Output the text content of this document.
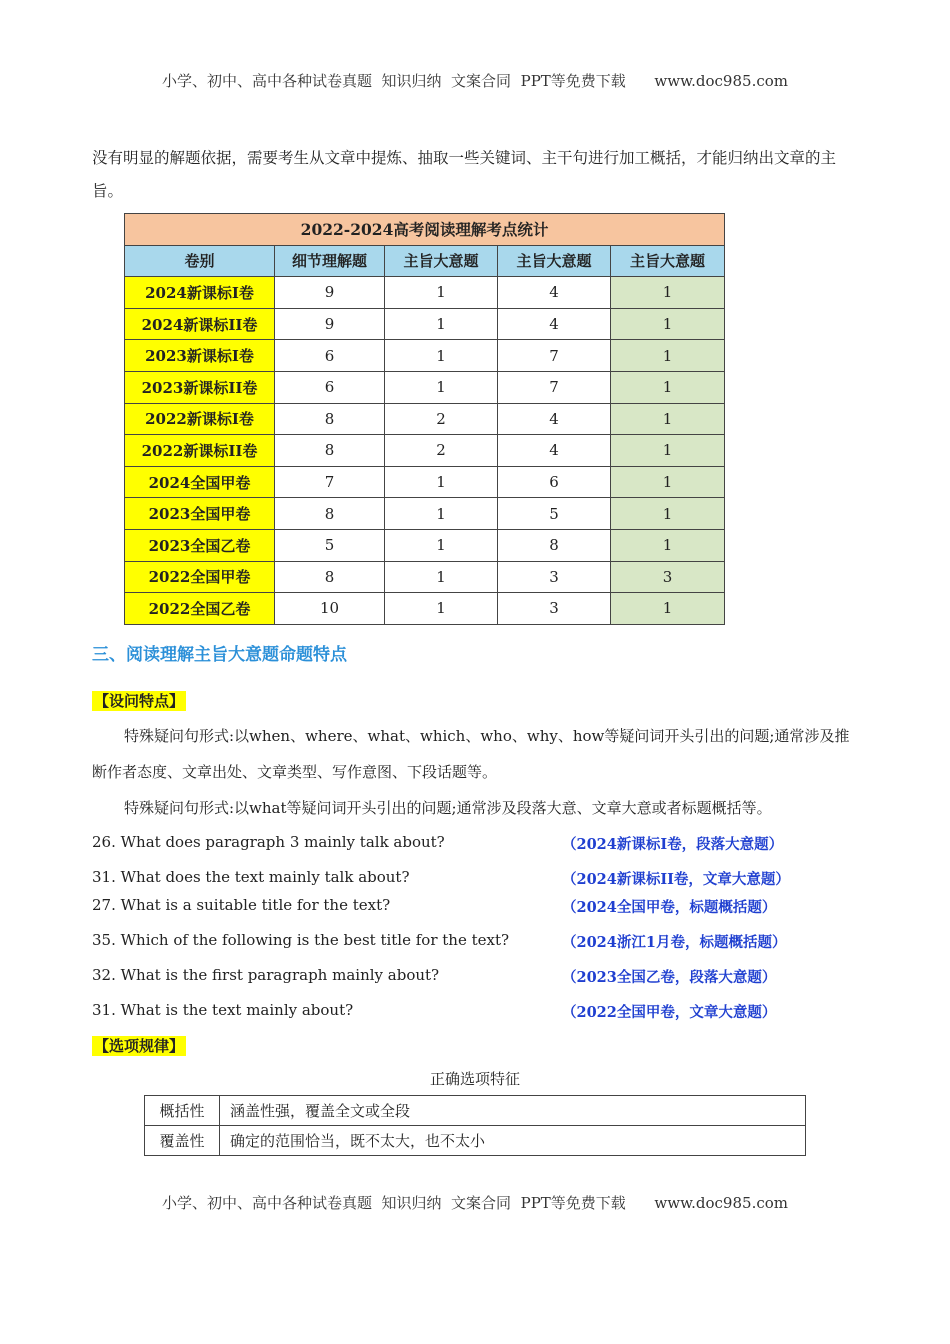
小学、初中、高中各种试卷真题  知识归纳  文案合同  PPT等免费下载      www.doc985.com
没有明显的解题依据，需要考生从文章中提炼、抽取一些关键词、主干句进行加工概括，才能归纳出文章的主旨。
2022-2024高考阅读理解考点统计				
卷别	细节理解题	主旨大意题	主旨大意题	主旨大意题
2024新课标I卷	9	1	4	1
2024新课标II卷	9	1	4	1
2023新课标I卷	6	1	7	1
2023新课标II卷	6	1	7	1
2022新课标I卷	8	2	4	1
2022新课标II卷	8	2	4	1
2024全国甲卷	7	1	6	1
2023全国甲卷	8	1	5	1
2023全国乙卷	5	1	8	1
2022全国甲卷	8	1	3	3
2022全国乙卷	10	1	3	1
三、阅读理解主旨大意题命题特点
【设问特点】
特殊疑问句形式:以when、where、what、which、who、why、how等疑问词开头引出的问题;通常涉及推断作者态度、文章出处、文章类型、写作意图、下段话题等。
特殊疑问句形式:以what等疑问词开头引出的问题;通常涉及段落大意、文章大意或者标题概括等。
26. What does paragraph 3 mainly talk about?	（2024新课标I卷，段落大意题）
31. What does the text mainly talk about?	（2024新课标II卷，文章大意题）
27. What is a suitable title for the text?	（2024全国甲卷，标题概括题）
35. Which of the following is the best title for the text?	（2024浙江1月卷，标题概括题）
32. What is the first paragraph mainly about?	（2023全国乙卷，段落大意题）
31. What is the text mainly about?	（2022全国甲卷，文章大意题）
【选项规律】
正确选项特征
概括性	涵盖性强，覆盖全文或全段
覆盖性	确定的范围恰当，既不太大，也不太小
小学、初中、高中各种试卷真题  知识归纳  文案合同  PPT等免费下载      www.doc985.com
